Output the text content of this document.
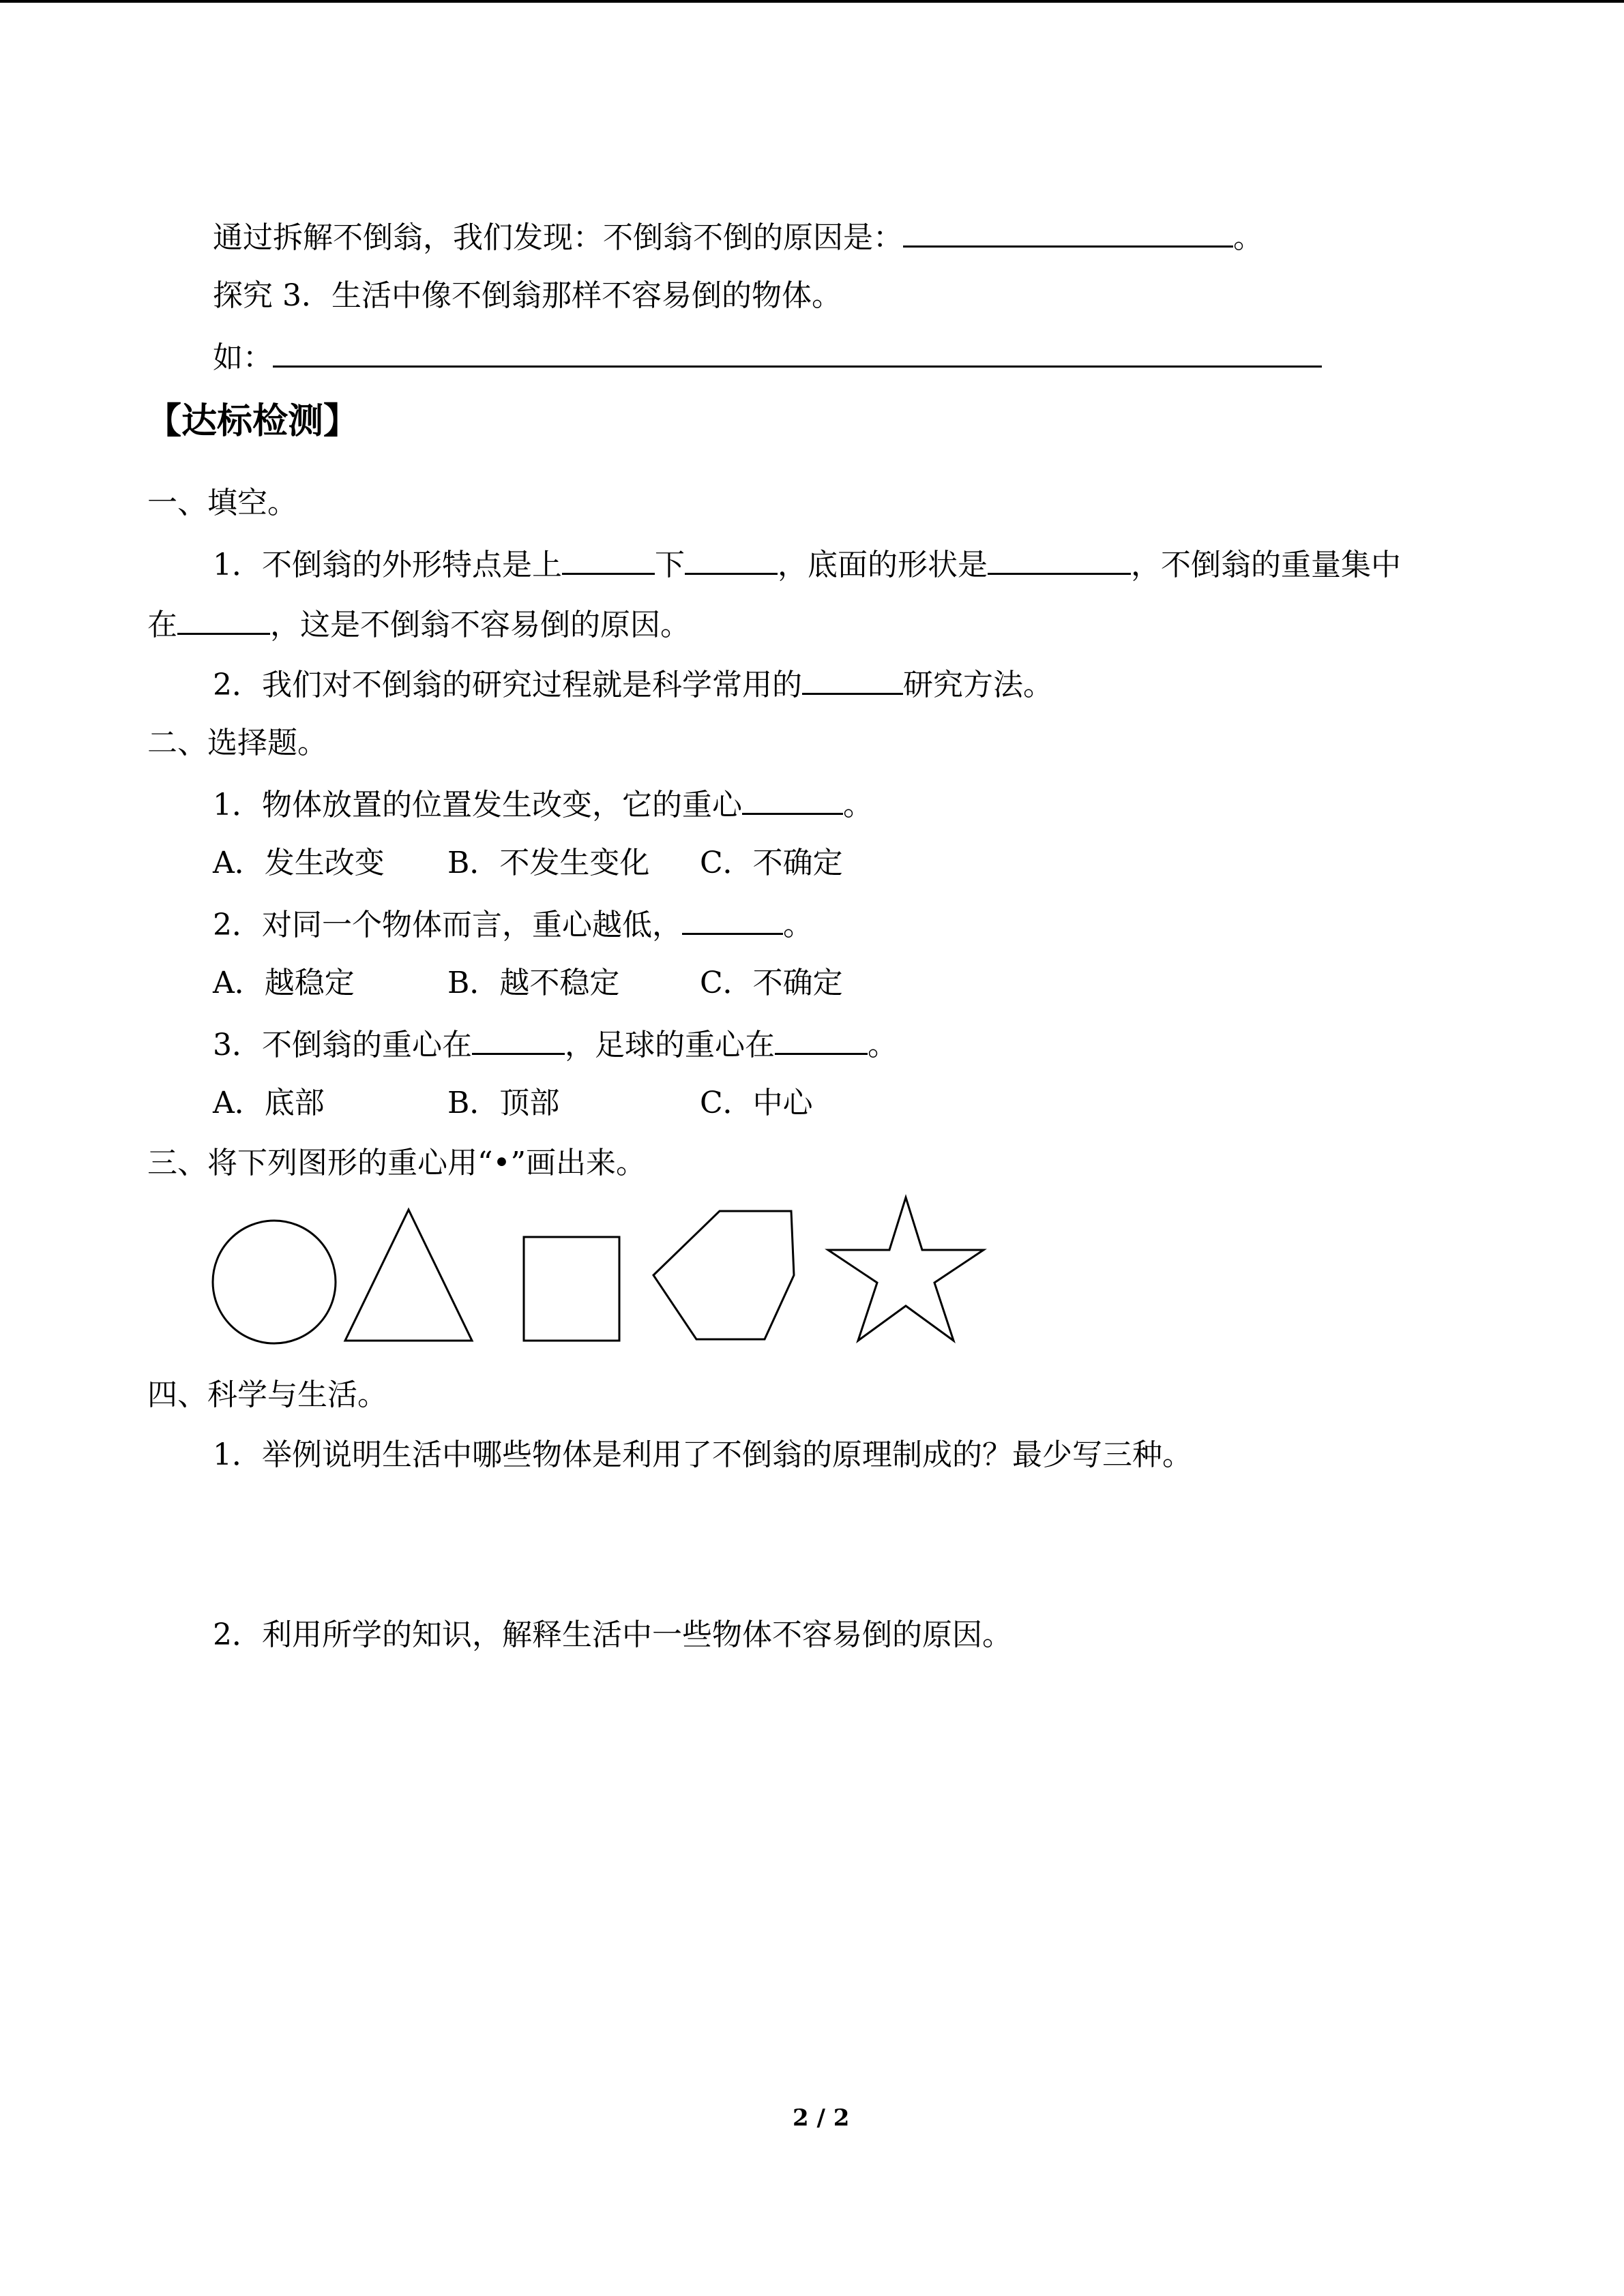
通过拆解不倒翁，我们发现：不倒翁不倒的原因是：	。
探究 3．生活中像不倒翁那样不容易倒的物体。
如：
【达标检测】
一、填空。
1．不倒翁的外形特点是上	下	，底面的形状是	，不倒翁的重量集中
在	，这是不倒翁不容易倒的原因。
2．我们对不倒翁的研究过程就是科学常用的	研究方法。
二、选择题。
1．物体放置的位置发生改变，它的重心	。
A．发生改变 B．不发生变化 C．不确定
2．对同一个物体而言，重心越低，	。
A．越稳定	B．越不稳定	C．不确定
3．不倒翁的重心在	，足球的重心在	。
A．底部	B．顶部	C．中心
三、将下列图形的重心用“•”画出来。
四、科学与生活。
1．举例说明生活中哪些物体是利用了不倒翁的原理制成的？最少写三种。
2．利用所学的知识，解释生活中一些物体不容易倒的原因。
2 / 2
